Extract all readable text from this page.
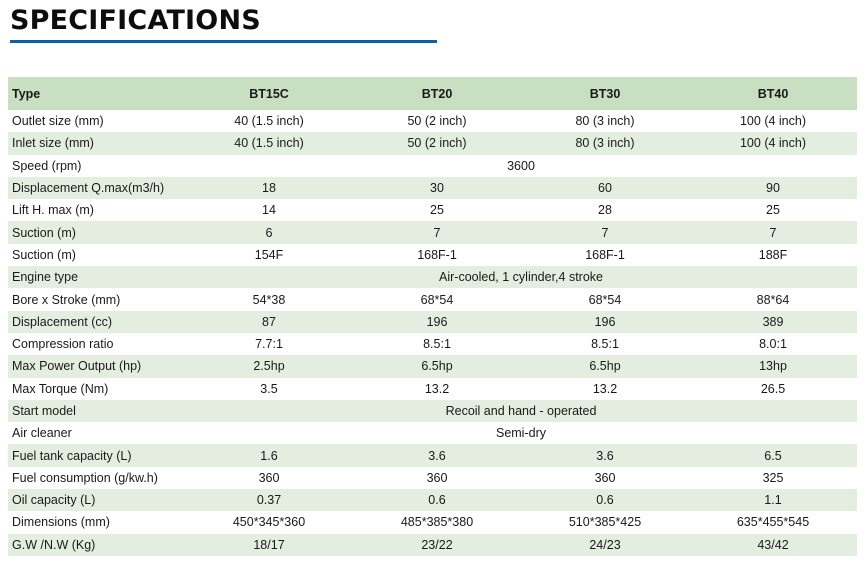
SPECIFICATIONS
Type	BT15C	BT20	BT30	BT40
Outlet size (mm)	40 (1.5 inch)	50 (2 inch)	80 (3 inch)	100 (4 inch)
Inlet size (mm)	40 (1.5 inch)	50 (2 inch)	80 (3 inch)	100 (4 inch)
Speed (rpm)	3600			
Displacement Q.max(m3/h)	18	30	60	90
Lift H. max (m)	14	25	28	25
Suction (m)	6	7	7	7
Suction (m)	154F	168F-1	168F-1	188F
Engine type	Air-cooled, 1 cylinder,4 stroke			
Bore x Stroke (mm)	54*38	68*54	68*54	88*64
Displacement (cc)	87	196	196	389
Compression ratio	7.7:1	8.5:1	8.5:1	8.0:1
Max Power Output (hp)	2.5hp	6.5hp	6.5hp	13hp
Max Torque (Nm)	3.5	13.2	13.2	26.5
Start model	Recoil and hand - operated			
Air cleaner	Semi-dry			
Fuel tank capacity (L)	1.6	3.6	3.6	6.5
Fuel consumption (g/kw.h)	360	360	360	325
Oil capacity (L)	0.37	0.6	0.6	1.1
Dimensions (mm)	450*345*360	485*385*380	510*385*425	635*455*545
G.W /N.W (Kg)	18/17	23/22	24/23	43/42
